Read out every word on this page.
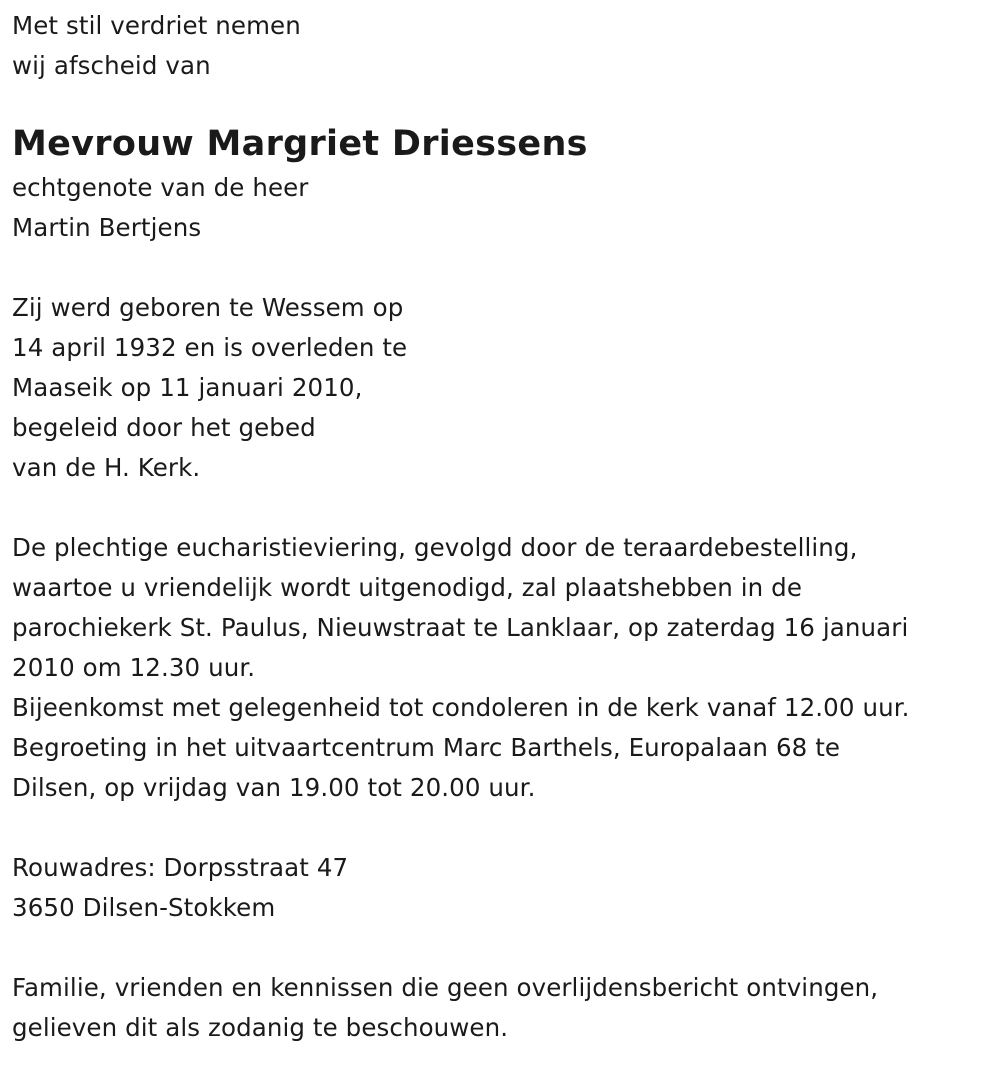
Met stil verdriet nemen
wij afscheid van
Mevrouw Margriet Driessens
echtgenote van de heer
Martin Bertjens
Zij werd geboren te Wessem op
14 april 1932 en is overleden te
Maaseik op 11 januari 2010,
begeleid door het gebed
van de H. Kerk.
De plechtige eucharistieviering, gevolgd door de teraardebestelling,
waartoe u vriendelijk wordt uitgenodigd, zal plaatshebben in de
parochiekerk St. Paulus, Nieuwstraat te Lanklaar, op zaterdag 16 januari
2010 om 12.30 uur.
Bijeenkomst met gelegenheid tot condoleren in de kerk vanaf 12.00 uur.
Begroeting in het uitvaartcentrum Marc Barthels, Europalaan 68 te
Dilsen, op vrijdag van 19.00 tot 20.00 uur.
Rouwadres: Dorpsstraat 47
3650 Dilsen-Stokkem
Familie, vrienden en kennissen die geen overlijdensbericht ontvingen,
gelieven dit als zodanig te beschouwen.
